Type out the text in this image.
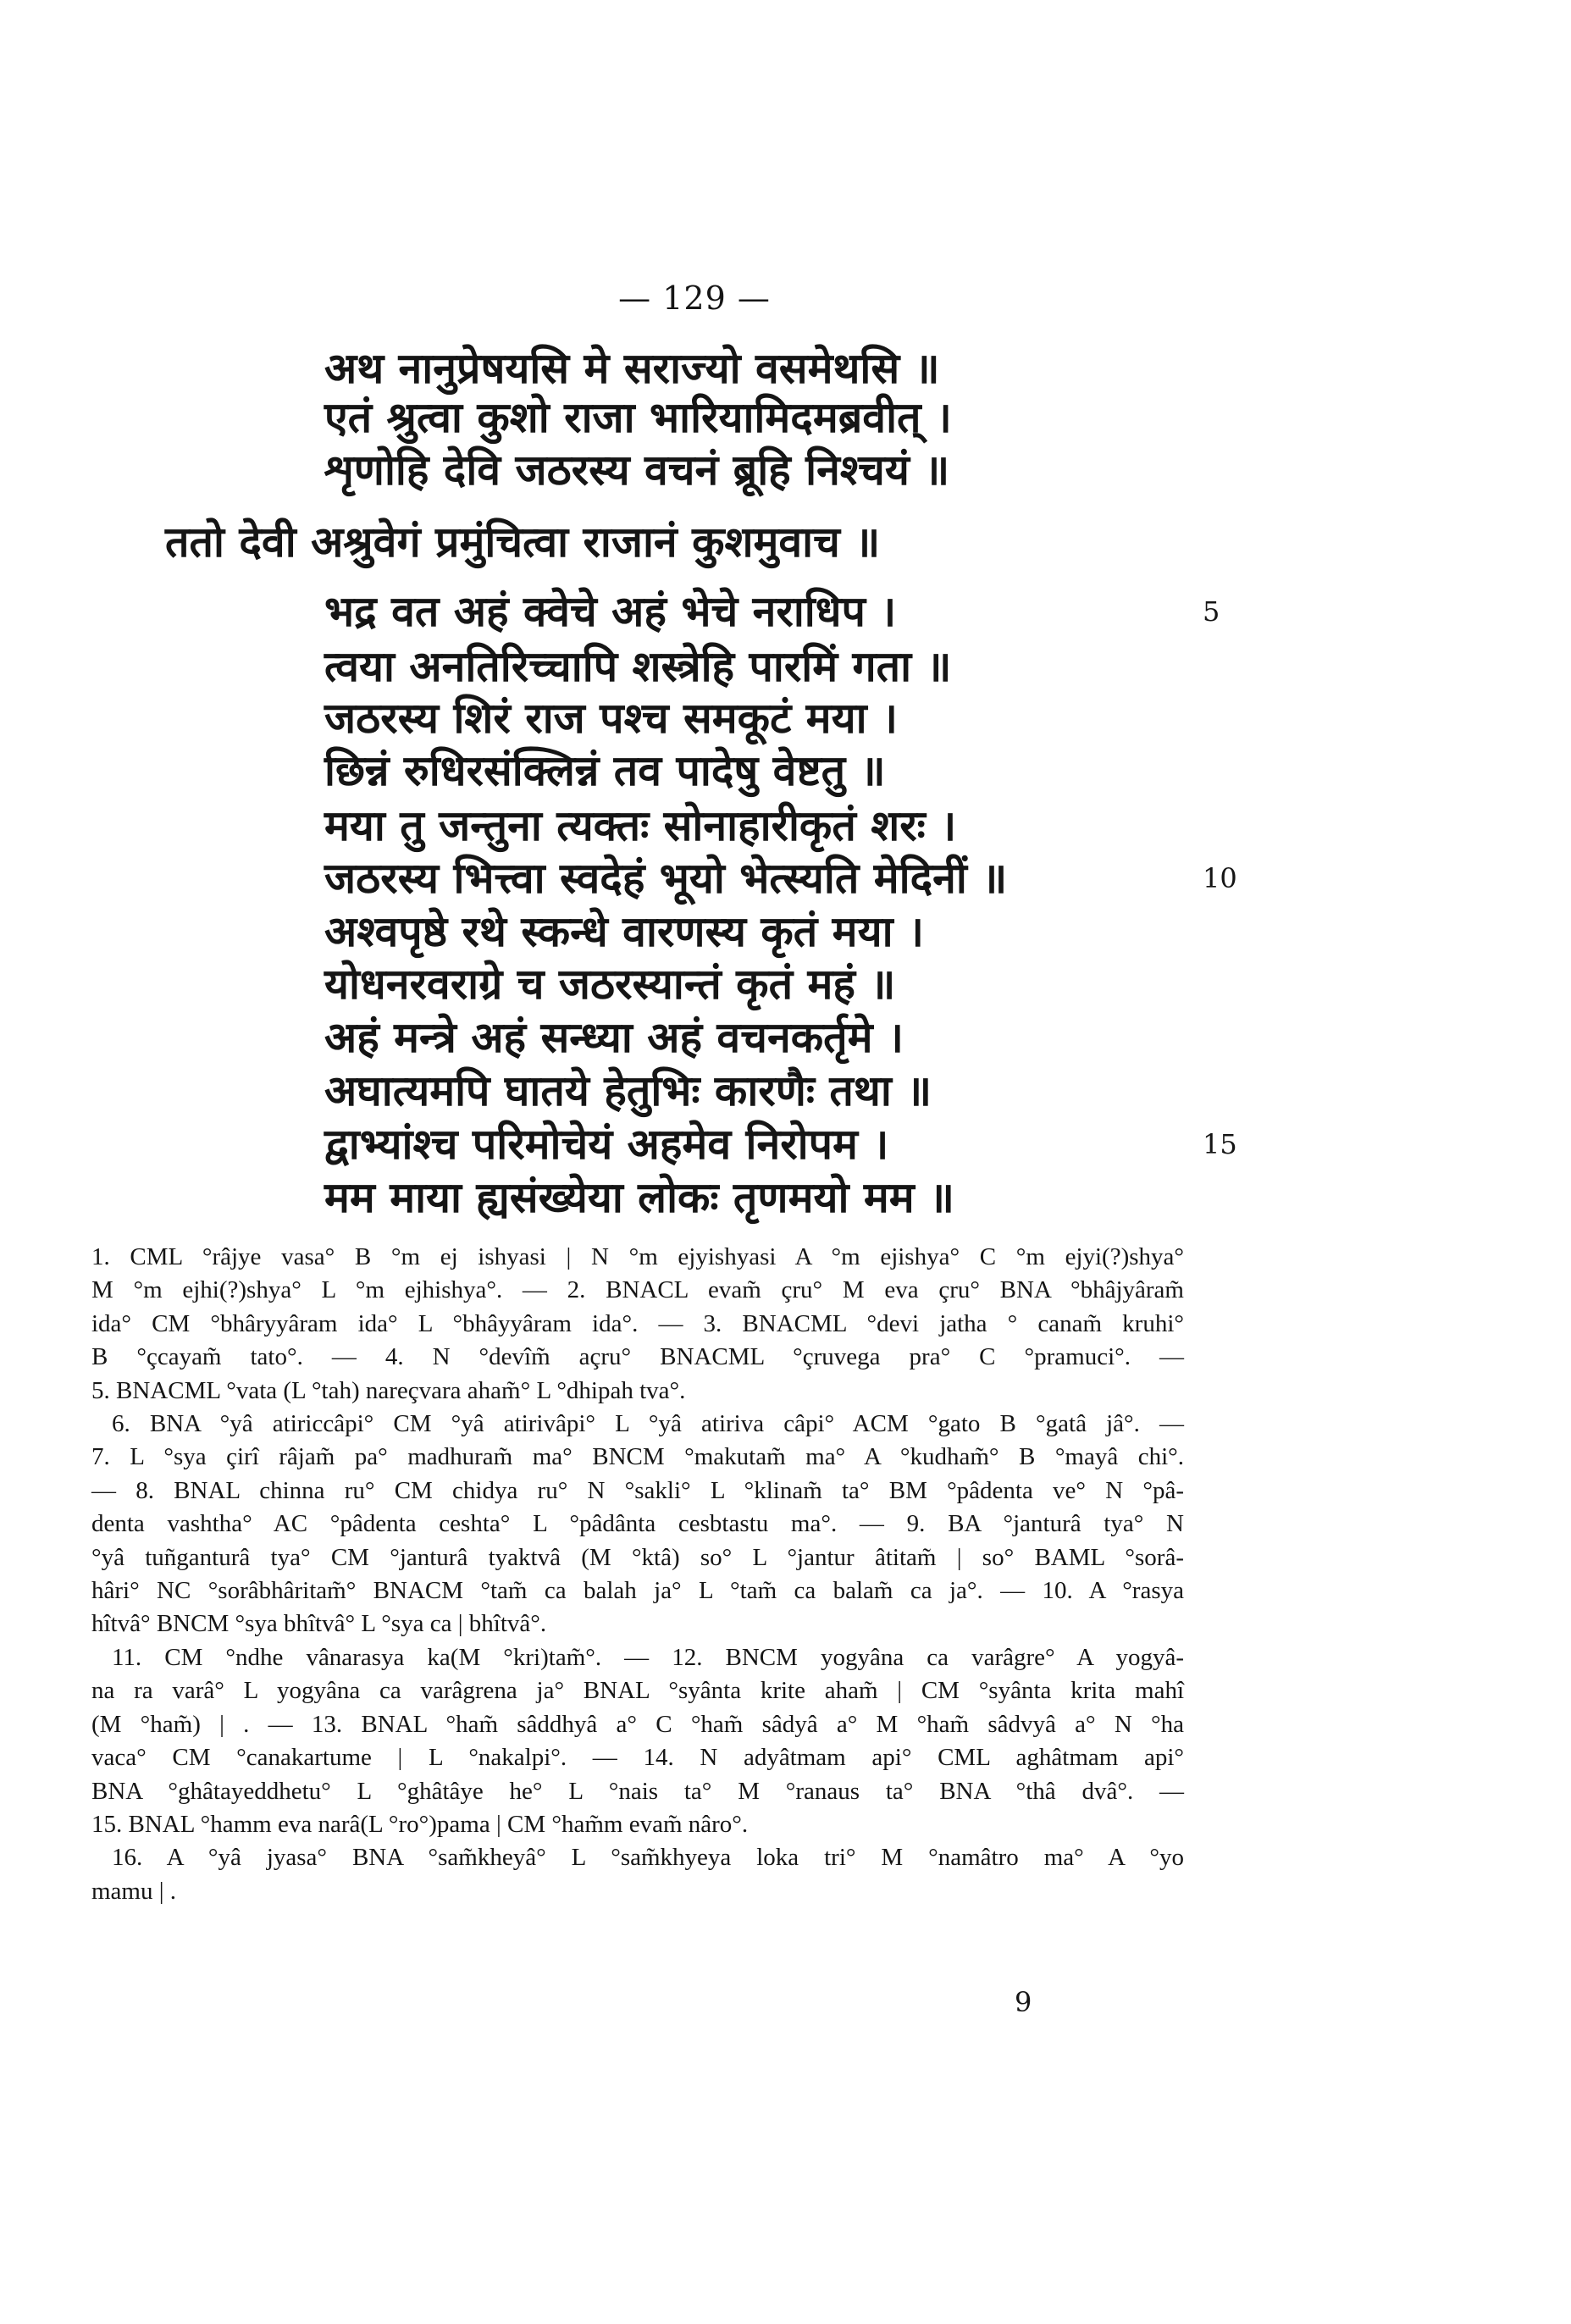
— 129 —
अथ नानुप्रेषयसि मे सराज्यो वसमेथसि ॥
एतं श्रुत्वा कुशो राजा भारियामिदमब्रवीत् ।
शृणोहि देवि जठरस्य वचनं ब्रूहि निश्चयं ॥
ततो देवी अश्रुवेगं प्रमुंचित्वा राजानं कुशमुवाच ॥
भद्र वत अहं क्वेचे अहं भेचे नराधिप ।	5
त्वया अनतिरिच्चापि शस्त्रेहि पारमिं गता ॥
जठरस्य शिरं राज पश्च समकूटं मया ।
छिन्नं रुधिरसंक्लिन्नं तव पादेषु वेष्टतु ॥
मया तु जन्तुना त्यक्तः सोनाहारीकृतं शरः ।
जठरस्य भित्त्वा स्वदेहं भूयो भेत्स्यति मेदिनीं ॥	10
अश्वपृष्ठे रथे स्कन्धे वारणस्य कृतं मया ।
योधनरवराग्रे च जठरस्यान्तं कृतं महं ॥
अहं मन्त्रे अहं सन्ध्या अहं वचनकर्तृमे ।
अघात्यमपि घातये हेतुभिः कारणैः तथा ॥
द्वाभ्यांश्च परिमोचेयं अहमेव निरोपम ।	15
मम माया ह्यसंख्येया लोकः तृणमयो मम ॥
1. CML °râjye vasa° B °m ej ishyasi | N °m ejyishyasi A °m ejishya° C °m ejyi(?)shya°
M °m ejhi(?)shya° L °m ejhishya°. — 2. BNACL evam̃ çru° M eva çru° BNA °bhâjyâram̃
ida° CM °bhâryyâram ida° L °bhâyyâram ida°. — 3. BNACML °devi jatha ° canam̃ kruhi°
B °çcayam̃ tato°. — 4. N °devîm̃ açru° BNACML °çruvega pra° C °pramuci°. —
5. BNACML °vata (L °tah) nareçvara aham̃° L °dhipah tva°.
6. BNA °yâ atiriccâpi° CM °yâ atirivâpi° L °yâ atiriva câpi° ACM °gato B °gatâ jâ°. —
7. L °sya çirî râjam̃ pa° madhuram̃ ma° BNCM °makutam̃ ma° A °kudham̃° B °mayâ chi°.
— 8. BNAL chinna ru° CM chidya ru° N °sakli° L °klinam̃ ta° BM °pâdenta ve° N °pâ-
denta vashtha° AC °pâdenta ceshta° L °pâdânta cesbtastu ma°. — 9. BA °janturâ tya° N
°yâ tuñganturâ tya° CM °janturâ tyaktvâ (M °ktâ) so° L °jantur âtitam̃ | so° BAML °sorâ-
hâri° NC °sorâbhâritam̃° BNACM °tam̃ ca balah ja° L °tam̃ ca balam̃ ca ja°. — 10. A °rasya
hîtvâ° BNCM °sya bhîtvâ° L °sya ca | bhîtvâ°.
11. CM °ndhe vânarasya ka(M °kri)tam̃°. — 12. BNCM yogyâna ca varâgre° A yogyâ-
na ra varâ° L yogyâna ca varâgrena ja° BNAL °syânta krite aham̃ | CM °syânta krita mahî
(M °ham̃) | . — 13. BNAL °ham̃ sâddhyâ a° C °ham̃ sâdyâ a° M °ham̃ sâdvyâ a° N °ha
vaca° CM °canakartume | L °nakalpi°. — 14. N adyâtmam api° CML aghâtmam api°
BNA °ghâtayeddhetu° L °ghâtâye he° L °nais ta° M °ranaus ta° BNA °thâ dvâ°. —
15. BNAL °hamm eva narâ(L °ro°)pama | CM °ham̃m evam̃ nâro°.
16. A °yâ jyasa° BNA °sam̃kheyâ° L °sam̃khyeya loka tri° M °namâtro ma° A °yo
mamu | .
9
